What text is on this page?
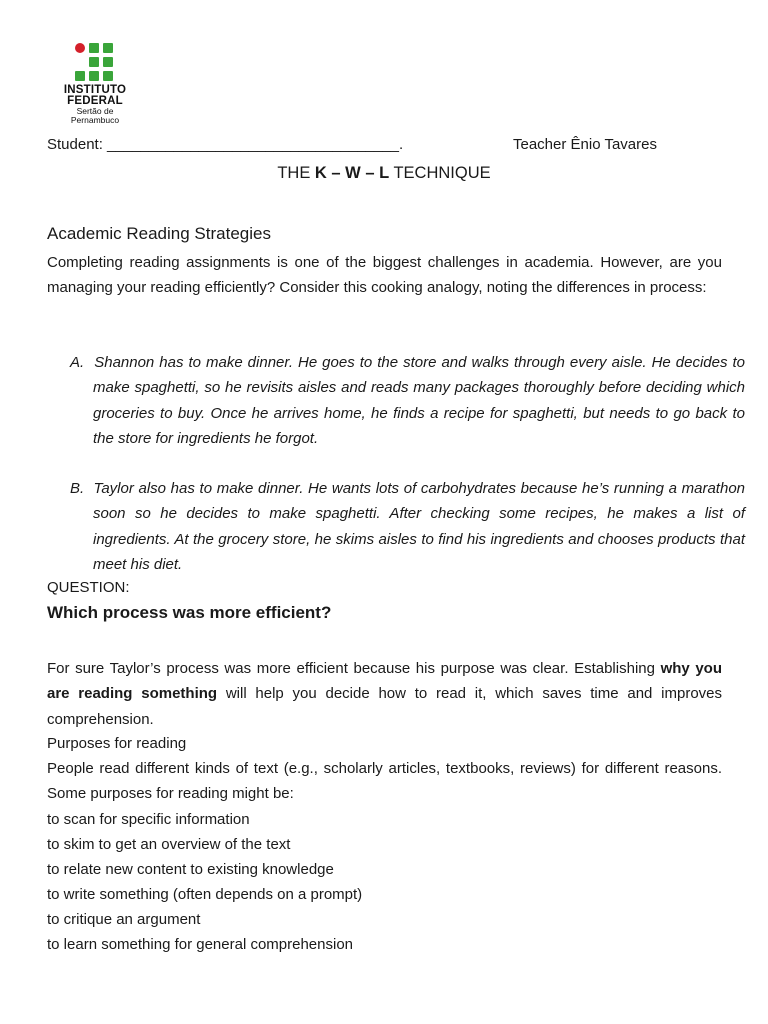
INSTITUTO
FEDERAL
Sertão de
Pernambuco
Student: ___________________________________.	Teacher Ênio Tavares
THE K – W – L TECHNIQUE
Academic Reading Strategies

Completing reading assignments is one of the biggest challenges in academia. However, are you managing your reading efficiently? Consider this cooking analogy, noting the differences in process:

A. Shannon has to make dinner. He goes to the store and walks through every aisle. He decides to make spaghetti, so he revisits aisles and reads many packages thoroughly before deciding which groceries to buy. Once he arrives home, he finds a recipe for spaghetti, but needs to go back to the store for ingredients he forgot.

B. Taylor also has to make dinner. He wants lots of carbohydrates because he’s running a marathon soon so he decides to make spaghetti. After checking some recipes, he makes a list of ingredients. At the grocery store, he skims aisles to find his ingredients and chooses products that meet his diet.

QUESTION:
Which process was more efficient?

For sure Taylor’s process was more efficient because his purpose was clear. Establishing why you are reading something will help you decide how to read it, which saves time and improves comprehension.

Purposes for reading

People read different kinds of text (e.g., scholarly articles, textbooks, reviews) for different reasons. Some purposes for reading might be:

to scan for specific information
to skim to get an overview of the text
to relate new content to existing knowledge
to write something (often depends on a prompt)
to critique an argument
to learn something for general comprehension
